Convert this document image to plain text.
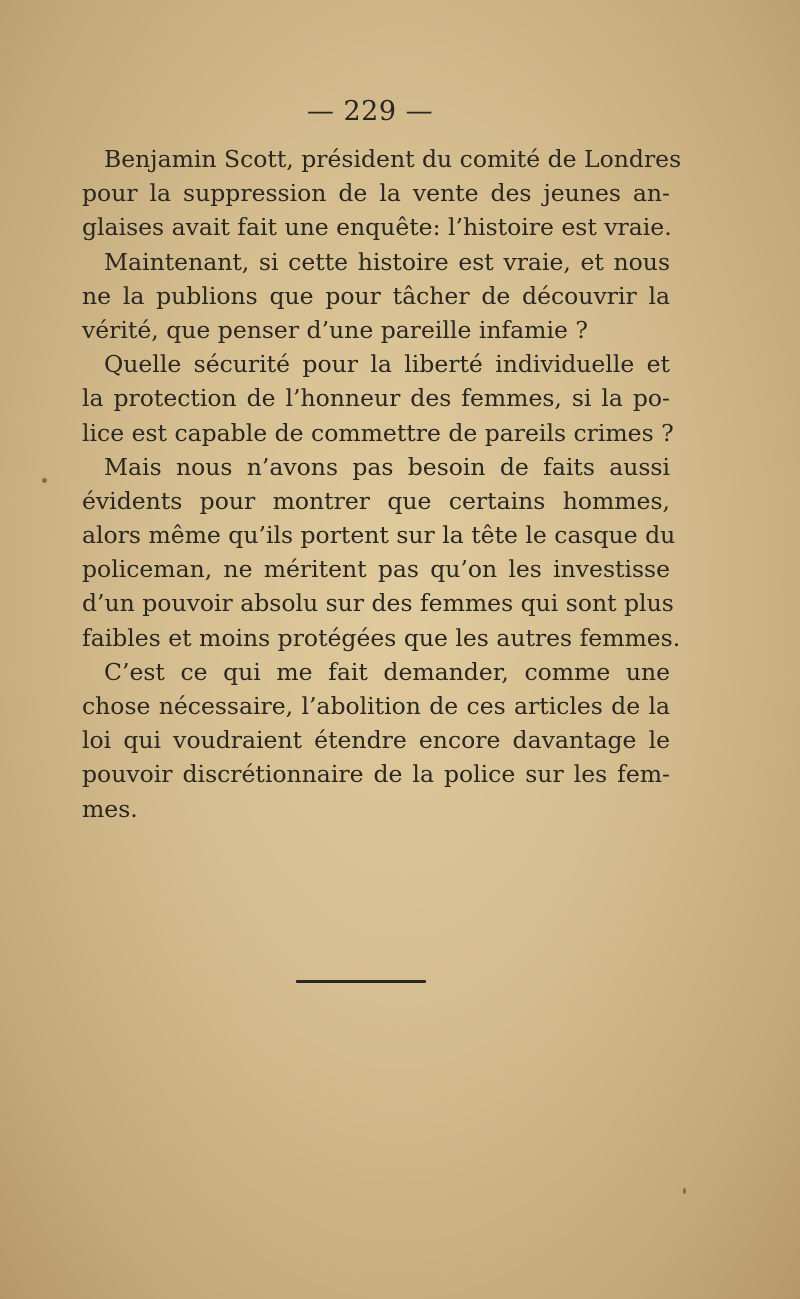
— 229 —
Benjamin Scott, président du comité de Londres
pour la suppression de la vente des jeunes an-
glaises avait fait une enquête: l’histoire est vraie.
Maintenant, si cette histoire est vraie, et nous
ne la publions que pour tâcher de découvrir la
vérité, que penser d’une pareille infamie ?
Quelle sécurité pour la liberté individuelle et
la protection de l’honneur des femmes, si la po-
lice est capable de commettre de pareils crimes ?
Mais nous n’avons pas besoin de faits aussi
évidents pour montrer que certains hommes,
alors même qu’ils portent sur la tête le casque du
policeman, ne méritent pas qu’on les investisse
d’un pouvoir absolu sur des femmes qui sont plus
faibles et moins protégées que les autres femmes.
C’est ce qui me fait demander, comme une
chose nécessaire, l’abolition de ces articles de la
loi qui voudraient étendre encore davantage le
pouvoir discrétionnaire de la police sur les fem-
mes.
